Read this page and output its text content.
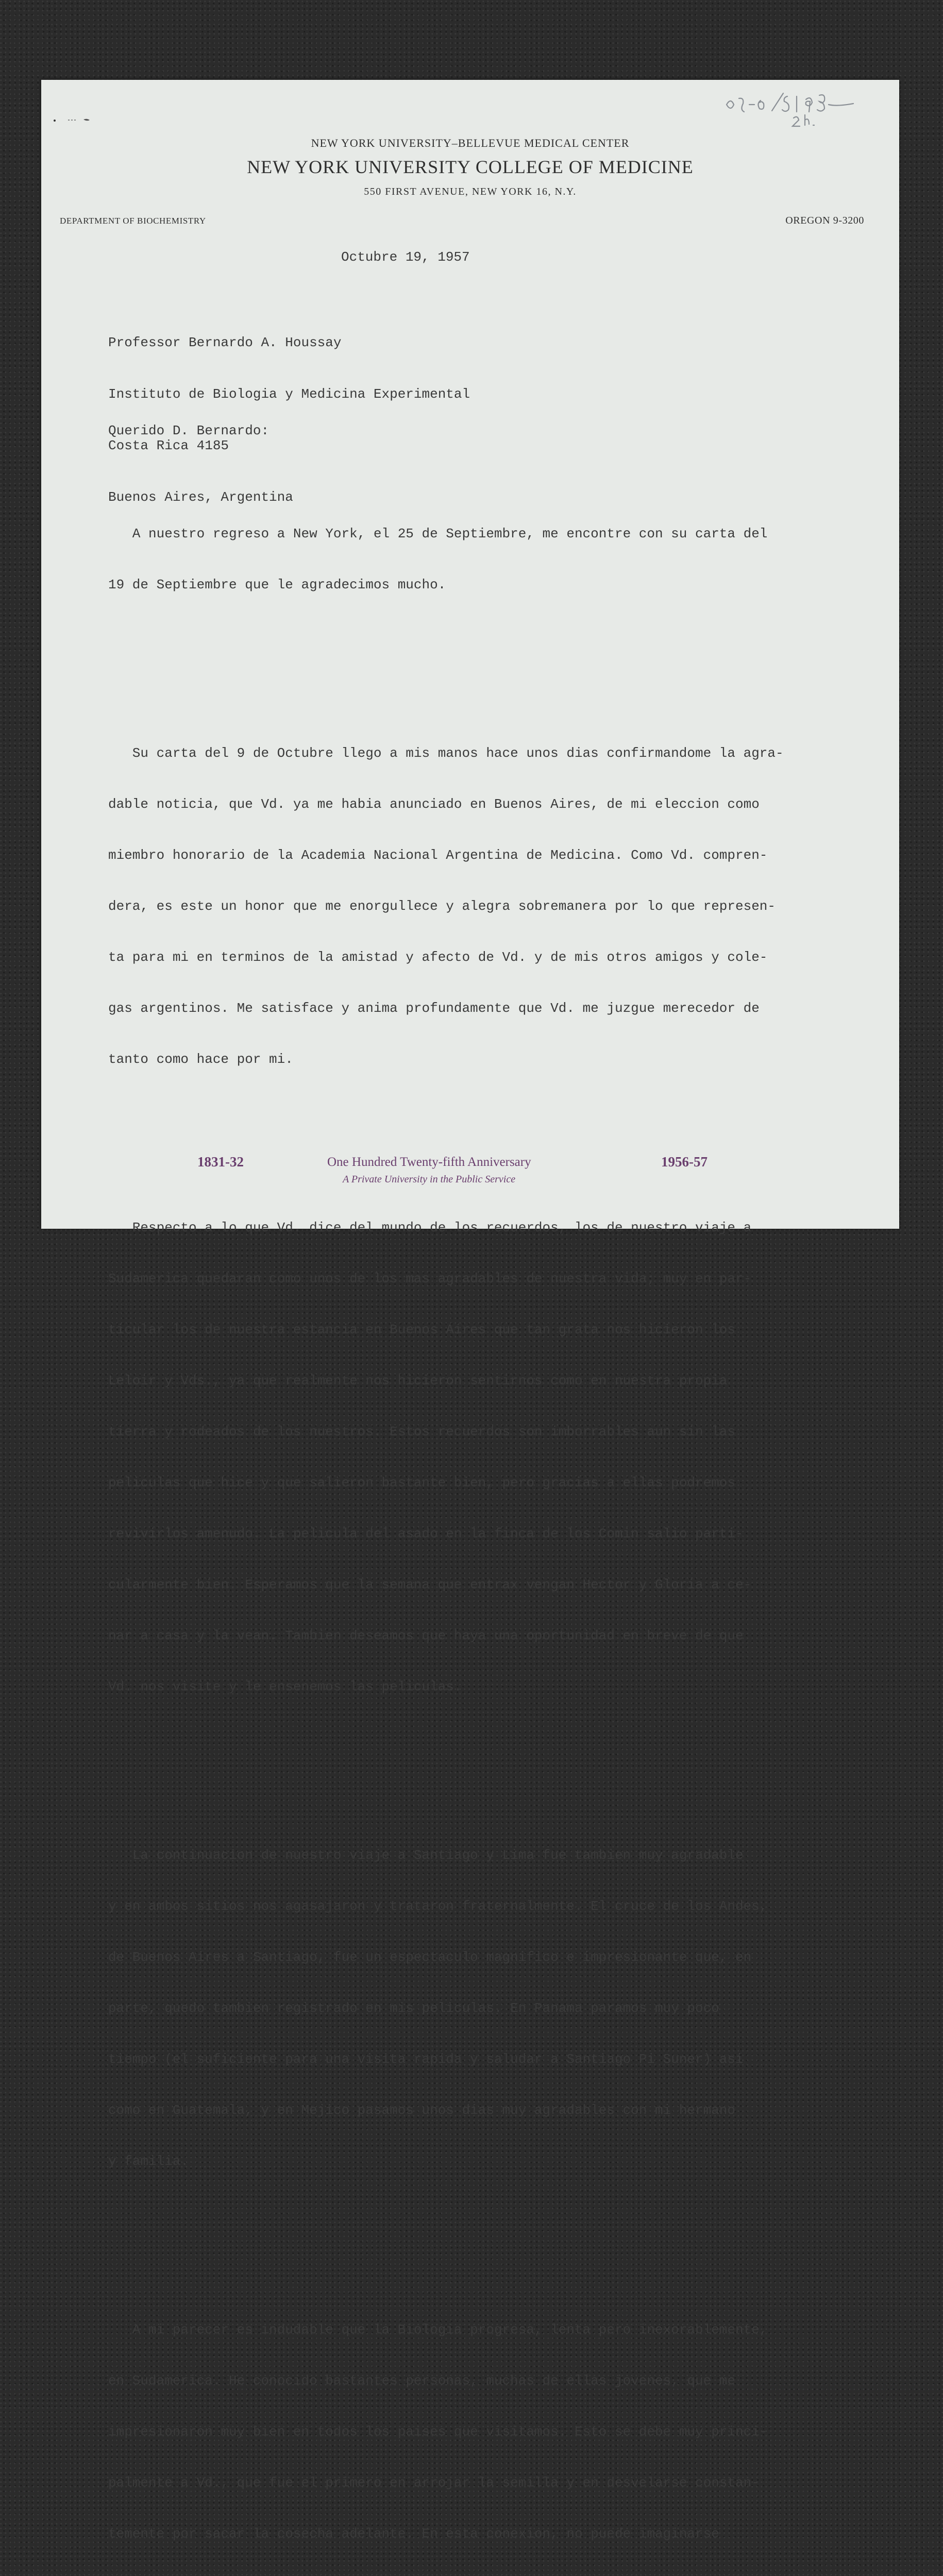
NEW YORK UNIVERSITY–BELLEVUE MEDICAL CENTER
NEW YORK UNIVERSITY COLLEGE OF MEDICINE
550 FIRST AVENUE, NEW YORK 16, N.Y.
DEPARTMENT OF BIOCHEMISTRY	OREGON 9-3200
Octubre 19, 1957

Professor Bernardo A. Houssay

Instituto de Biologia y Medicina Experimental

Costa Rica 4185

Buenos Aires, Argentina

Querido D. Bernardo:

A nuestro regreso a New York, el 25 de Septiembre, me encontre con su carta del

19 de Septiembre que le agradecimos mucho.

Su carta del 9 de Octubre llego a mis manos hace unos dias confirmandome la agra-

dable noticia, que Vd. ya me habia anunciado en Buenos Aires, de mi eleccion como

miembro honorario de la Academia Nacional Argentina de Medicina. Como Vd. compren-

dera, es este un honor que me enorgullece y alegra sobremanera por lo que represen-

ta para mi en terminos de la amistad y afecto de Vd. y de mis otros amigos y cole-

gas argentinos. Me satisface y anima profundamente que Vd. me juzgue merecedor de

tanto como hace por mi.

Respecto a lo que Vd. dice del mundo de los recuerdos, los de nuestro viaje a

Sudamerica quedaran como unos de los mas agradables de nuestra vida; muy en par-

ticular los de nuestra estancia en Buenos Aires que tan grata nos hicieron los

Leloir y Vds., ya que realmente nos hicieron sentirnos como en nuestra propia

tierra y rodeados de los nuestros. Estos recuerdos son imborrables aun sin las

peliculas que hice y que salieron bastante bien, pero gracias a ellas podremos

revivirlos amenudo. La pelicula del asado en la finca de los Comin salio parti-

cularmente bien. Esperamos que la semana que entrax vengan Hector y Gloria a ce-

nar a casa y la vean. Tambien deseamos que haya una oportunidad en breve de que

Vd. nos visite y le ensenemos las peliculas.

La continuacion de nuestro viaje a Santiago y Lima fue tambien muy agradable

y en ambos sitios nos agasajaron y trataron fraternalmente. El cruce de los Andes,

de Buenos Aires a Santiago, fue un espectaculo magnifico e impresionante que, en

parte, quedo tambien registrado en mis peliculas. En Panama paramos muy poco

tiempo (el suficiente para una visita rapida y saludar a Santiago Pi Suner) asi

como en Guatemala, y en Mejico pasamos unos dias muy agradables con mi hermano

y familia.

A mi parecer es indudable que la Biologia progresa, lenta pero inexorablemente,

en Sudamerica. He conocido bastantes personas, muchas de ellas jovenes, que me

impresionaron muy bien en todos los paises que visitamos. Esto se debe muy princi-

palmente a Vd., que fue el primero en arrojar la semilla y en desvelarse constan-

temente por sacar la cosecha adelante. En esta conexion, no puede imaginarse

1831-32	One Hundred Twenty-fifth Anniversary	1956-57
A Private University in the Public Service
